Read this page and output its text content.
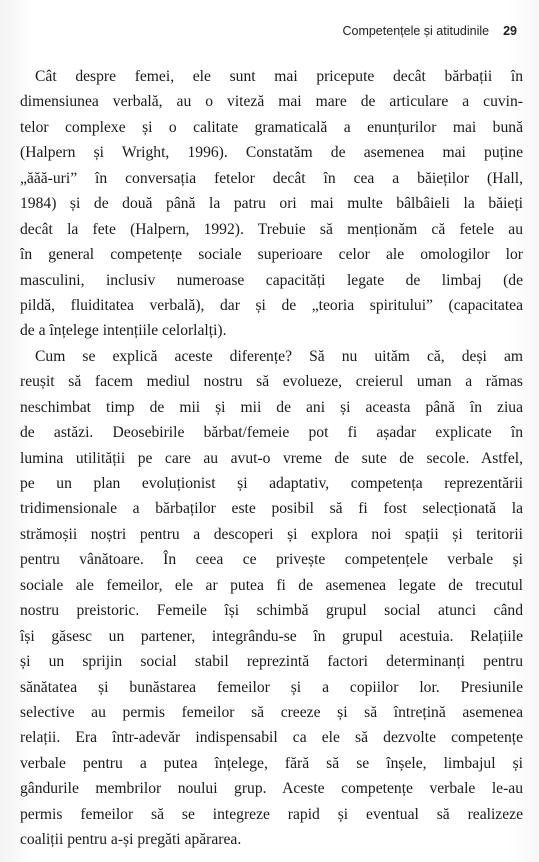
Competențele și atitudinile 29
Cât despre femei, ele sunt mai pricepute decât bărbații în
dimensiunea verbală, au o viteză mai mare de articulare a cuvin-
telor complexe și o calitate gramaticală a enunțurilor mai bună
(Halpern și Wright, 1996). Constatăm de asemenea mai puține
„ăăă-uri” în conversația fetelor decât în cea a băieților (Hall,
1984) și de două până la patru ori mai multe bâlbâieli la băieți
decât la fete (Halpern, 1992). Trebuie să menționăm că fetele au
în general competențe sociale superioare celor ale omologilor lor
masculini, inclusiv numeroase capacități legate de limbaj (de
pildă, fluiditatea verbală), dar și de „teoria spiritului” (capacitatea
de a înțelege intențiile celorlalți).
Cum se explică aceste diferențe? Să nu uităm că, deși am
reușit să facem mediul nostru să evolueze, creierul uman a rămas
neschimbat timp de mii și mii de ani și aceasta până în ziua
de astăzi. Deosebirile bărbat/femeie pot fi așadar explicate în
lumina utilității pe care au avut-o vreme de sute de secole. Astfel,
pe un plan evoluționist și adaptativ, competența reprezentării
tridimensionale a bărbaților este posibil să fi fost selecționată la
strămoșii noștri pentru a descoperi și explora noi spații și teritorii
pentru vânătoare. În ceea ce privește competențele verbale și
sociale ale femeilor, ele ar putea fi de asemenea legate de trecutul
nostru preistoric. Femeile își schimbă grupul social atunci când
își găsesc un partener, integrându-se în grupul acestuia. Relațiile
și un sprijin social stabil reprezintă factori determinanți pentru
sănătatea și bunăstarea femeilor și a copiilor lor. Presiunile
selective au permis femeilor să creeze și să întrețină asemenea
relații. Era într-adevăr indispensabil ca ele să dezvolte competențe
verbale pentru a putea înțelege, fără să se înșele, limbajul și
gândurile membrilor noului grup. Aceste competențe verbale le-au
permis femeilor să se integreze rapid și eventual să realizeze
coaliții pentru a-și pregăti apărarea.
